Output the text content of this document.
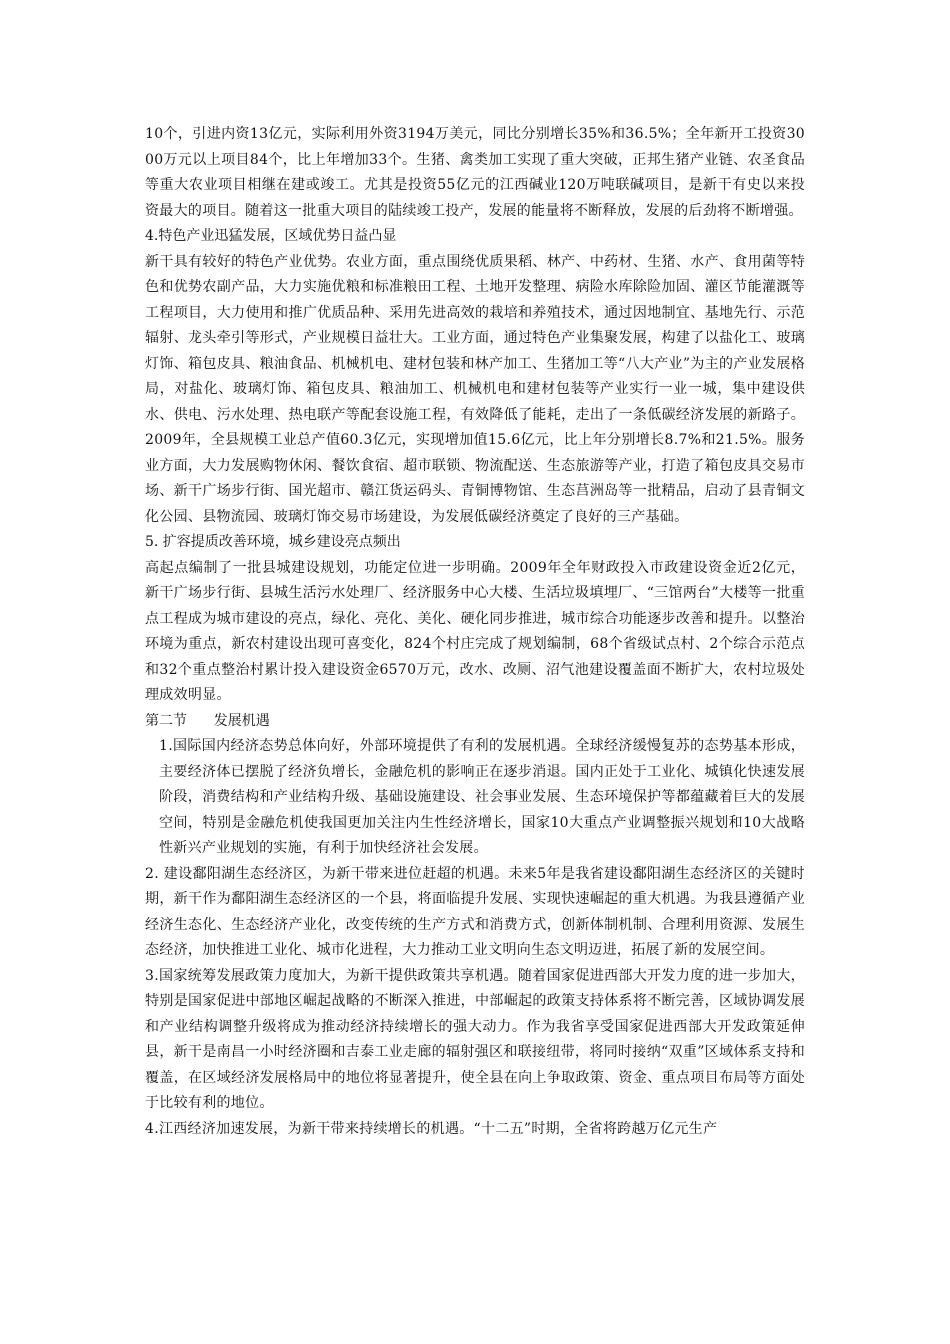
10个，引进内资13亿元，实际利用外资3194万美元，同比分别增长35%和36.5%；全年新开工投资3000万元以上项目84个，比上年增加33个。生猪、禽类加工实现了重大突破，正邦生猪产业链、农圣食品等重大农业项目相继在建或竣工。尤其是投资55亿元的江西碱业120万吨联碱项目，是新干有史以来投资最大的项目。随着这一批重大项目的陆续竣工投产，发展的能量将不断释放，发展的后劲将不断增强。

4.特色产业迅猛发展，区域优势日益凸显

新干具有较好的特色产业优势。农业方面，重点围绕优质果稻、林产、中药材、生猪、水产、食用菌等特色和优势农副产品，大力实施优粮和标准粮田工程、土地开发整理、病险水库除险加固、灌区节能灌溉等工程项目，大力使用和推广优质品种、采用先进高效的栽培和养殖技术，通过因地制宜、基地先行、示范辐射、龙头牵引等形式，产业规模日益壮大。工业方面，通过特色产业集聚发展，构建了以盐化工、玻璃灯饰、箱包皮具、粮油食品、机械机电、建材包装和林产加工、生猪加工等“八大产业”为主的产业发展格局，对盐化、玻璃灯饰、箱包皮具、粮油加工、机械机电和建材包装等产业实行一业一城，集中建设供水、供电、污水处理、热电联产等配套设施工程，有效降低了能耗，走出了一条低碳经济发展的新路子。2009年，全县规模工业总产值60.3亿元，实现增加值15.6亿元，比上年分别增长8.7%和21.5%。服务业方面，大力发展购物休闲、餐饮食宿、超市联锁、物流配送、生态旅游等产业，打造了箱包皮具交易市场、新干广场步行街、国光超市、赣江货运码头、青铜博物馆、生态莒洲岛等一批精品，启动了县青铜文化公园、县物流园、玻璃灯饰交易市场建设，为发展低碳经济奠定了良好的三产基础。

5. 扩容提质改善环境，城乡建设亮点频出

高起点编制了一批县城建设规划，功能定位进一步明确。2009年全年财政投入市政建设资金近2亿元，新干广场步行街、县城生活污水处理厂、经济服务中心大楼、生活垃圾填埋厂、“三馆两台”大楼等一批重点工程成为城市建设的亮点，绿化、亮化、美化、硬化同步推进，城市综合功能逐步改善和提升。以整治环境为重点，新农村建设出现可喜变化，824个村庄完成了规划编制，68个省级试点村、2个综合示范点和32个重点整治村累计投入建设资金6570万元，改水、改厕、沼气池建设覆盖面不断扩大，农村垃圾处理成效明显。

第二节      发展机遇

1.国际国内经济态势总体向好，外部环境提供了有利的发展机遇。全球经济缓慢复苏的态势基本形成，主要经济体已摆脱了经济负增长，金融危机的影响正在逐步消退。国内正处于工业化、城镇化快速发展阶段，消费结构和产业结构升级、基础设施建设、社会事业发展、生态环境保护等都蕴藏着巨大的发展空间，特别是金融危机使我国更加关注内生性经济增长，国家10大重点产业调整振兴规划和10大战略性新兴产业规划的实施，有利于加快经济社会发展。

2. 建设鄱阳湖生态经济区，为新干带来进位赶超的机遇。未来5年是我省建设鄱阳湖生态经济区的关键时期，新干作为鄱阳湖生态经济区的一个县，将面临提升发展、实现快速崛起的重大机遇。为我县遵循产业经济生态化、生态经济产业化，改变传统的生产方式和消费方式，创新体制机制、合理利用资源、发展生态经济，加快推进工业化、城市化进程，大力推动工业文明向生态文明迈进，拓展了新的发展空间。

3.国家统筹发展政策力度加大，为新干提供政策共享机遇。随着国家促进西部大开发力度的进一步加大，特别是国家促进中部地区崛起战略的不断深入推进，中部崛起的政策支持体系将不断完善，区域协调发展和产业结构调整升级将成为推动经济持续增长的强大动力。作为我省享受国家促进西部大开发政策延伸县，新干是南昌一小时经济圈和吉泰工业走廊的辐射强区和联接纽带，将同时接纳“双重”区域体系支持和覆盖，在区域经济发展格局中的地位将显著提升，使全县在向上争取政策、资金、重点项目布局等方面处于比较有利的地位。

4.江西经济加速发展，为新干带来持续增长的机遇。“十二五”时期，全省将跨越万亿元生产
